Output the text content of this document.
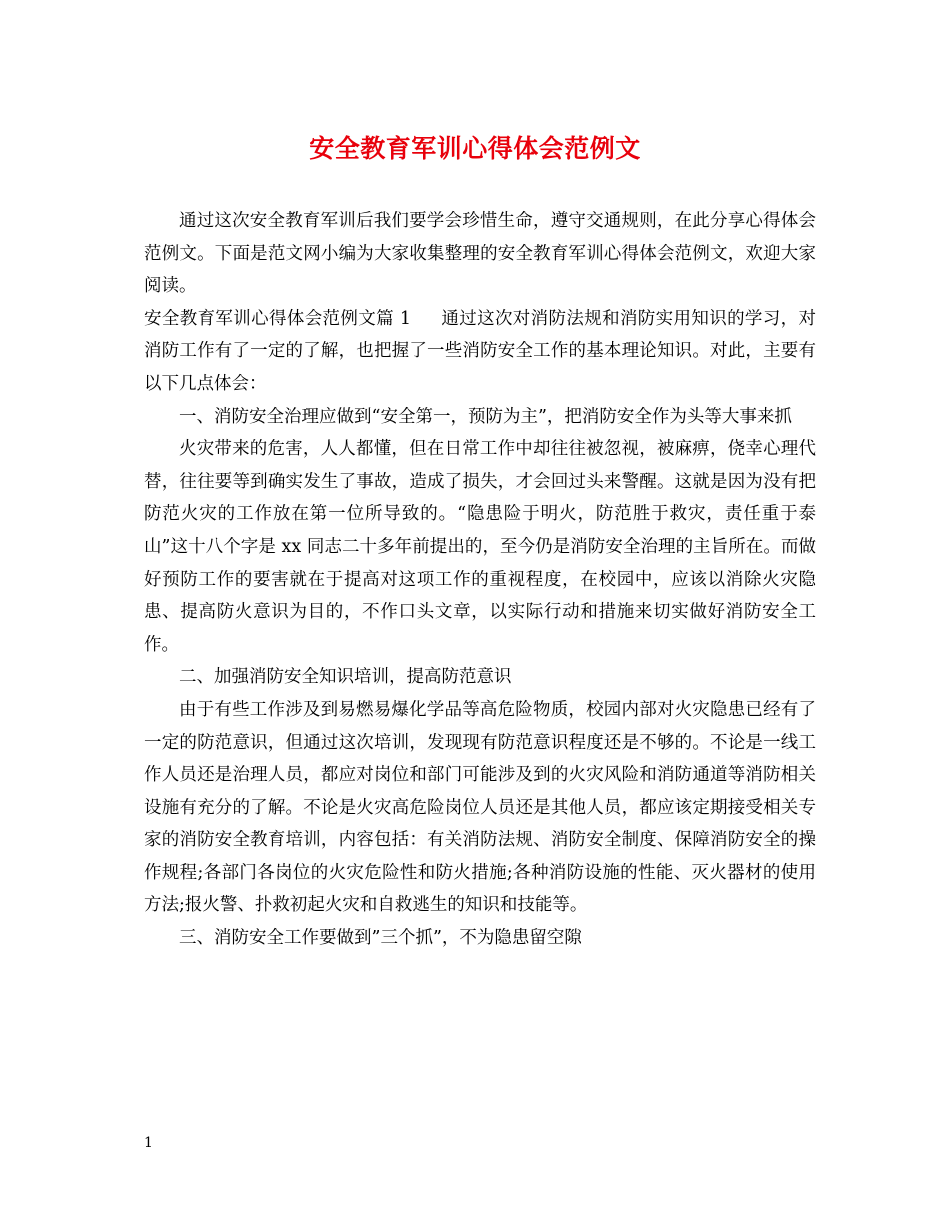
安全教育军训心得体会范例文

通过这次安全教育军训后我们要学会珍惜生命，遵守交通规则，在此分享心得体会范例文。下面是范文网小编为大家收集整理的安全教育军训心得体会范例文，欢迎大家阅读。

安全教育军训心得体会范例文篇 1 通过这次对消防法规和消防实用知识的学习，对消防工作有了一定的了解，也把握了一些消防安全工作的基本理论知识。对此，主要有以下几点体会：

一、消防安全治理应做到“安全第一，预防为主”，把消防安全作为头等大事来抓

火灾带来的危害，人人都懂，但在日常工作中却往往被忽视，被麻痹，侥幸心理代替，往往要等到确实发生了事故，造成了损失，才会回过头来警醒。这就是因为没有把防范火灾的工作放在第一位所导致的。“隐患险于明火，防范胜于救灾，责任重于泰山”这十八个字是 xx 同志二十多年前提出的，至今仍是消防安全治理的主旨所在。而做好预防工作的要害就在于提高对这项工作的重视程度，在校园中，应该以消除火灾隐患、提高防火意识为目的，不作口头文章，以实际行动和措施来切实做好消防安全工作。

二、加强消防安全知识培训，提高防范意识

由于有些工作涉及到易燃易爆化学品等高危险物质，校园内部对火灾隐患已经有了一定的防范意识，但通过这次培训，发现现有防范意识程度还是不够的。不论是一线工作人员还是治理人员，都应对岗位和部门可能涉及到的火灾风险和消防通道等消防相关设施有充分的了解。不论是火灾高危险岗位人员还是其他人员，都应该定期接受相关专家的消防安全教育培训，内容包括：有关消防法规、消防安全制度、保障消防安全的操作规程;各部门各岗位的火灾危险性和防火措施;各种消防设施的性能、灭火器材的使用方法;报火警、扑救初起火灾和自救逃生的知识和技能等。

三、消防安全工作要做到”三个抓”，不为隐患留空隙

1
